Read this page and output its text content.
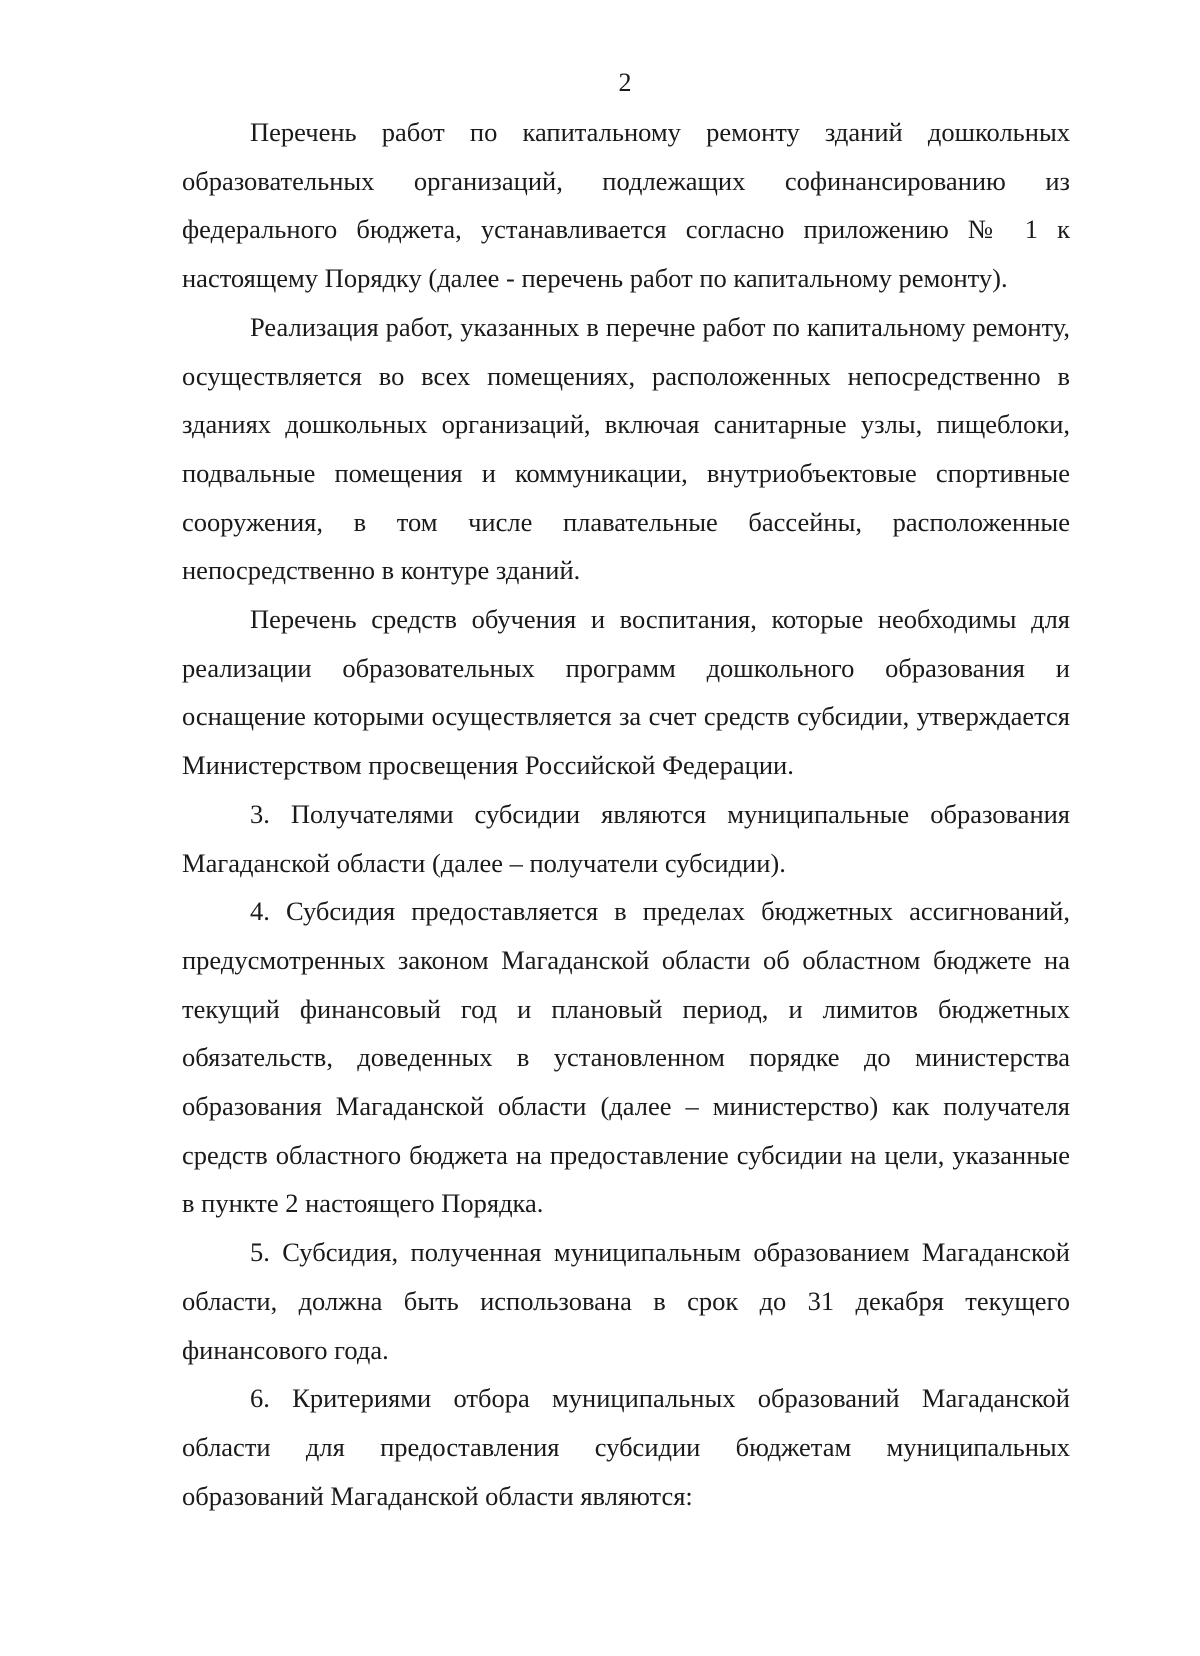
2

Перечень работ по капитальному ремонту зданий дошкольных образовательных организаций, подлежащих софинансированию из федерального бюджета, устанавливается согласно приложению № 1 к настоящему Порядку (далее - перечень работ по капитальному ремонту).

Реализация работ, указанных в перечне работ по капитальному ремонту, осуществляется во всех помещениях, расположенных непосредственно в зданиях дошкольных организаций, включая санитарные узлы, пищеблоки, подвальные помещения и коммуникации, внутриобъектовые спортивные сооружения, в том числе плавательные бассейны, расположенные непосредственно в контуре зданий.

Перечень средств обучения и воспитания, которые необходимы для реализации образовательных программ дошкольного образования и оснащение которыми осуществляется за счет средств субсидии, утверждается Министерством просвещения Российской Федерации.

3. Получателями субсидии являются муниципальные образования Магаданской области (далее – получатели субсидии).

4. Субсидия предоставляется в пределах бюджетных ассигнований, предусмотренных законом Магаданской области об областном бюджете на текущий финансовый год и плановый период, и лимитов бюджетных обязательств, доведенных в установленном порядке до министерства образования Магаданской области (далее – министерство) как получателя средств областного бюджета на предоставление субсидии на цели, указанные в пункте 2 настоящего Порядка.

5. Субсидия, полученная муниципальным образованием Магаданской области, должна быть использована в срок до 31 декабря текущего финансового года.

6. Критериями отбора муниципальных образований Магаданской области для предоставления субсидии бюджетам муниципальных образований Магаданской области являются:
